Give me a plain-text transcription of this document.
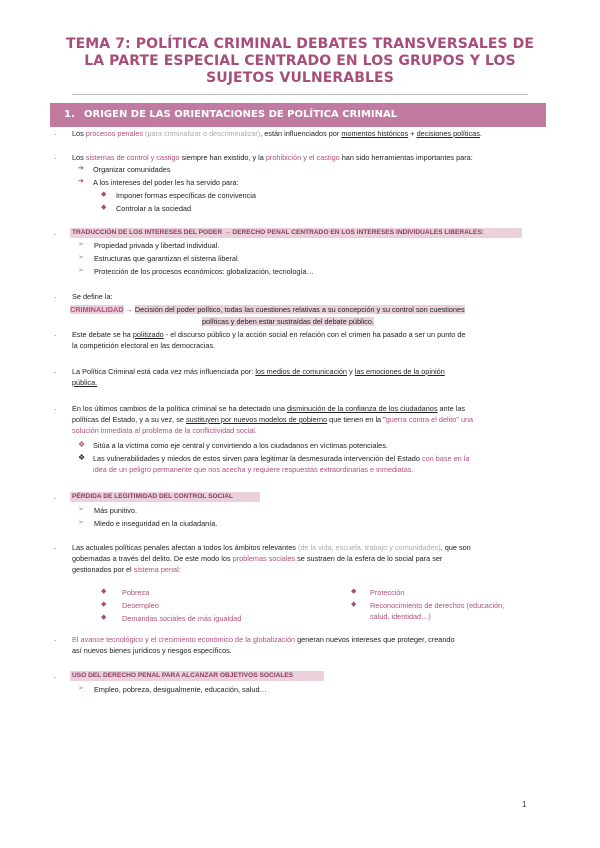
TEMA 7: POLÍTICA CRIMINAL DEBATES TRANSVERSALES DE
LA PARTE ESPECIAL CENTRADO EN LOS GRUPOS Y LOS
SUJETOS VULNERABLES
1. ORIGEN DE LAS ORIENTACIONES DE POLÍTICA CRIMINAL
. Los procesos penales (para criminalizar o descriminalizar), están influenciados por momentos históricos + decisiones políticas.
. Los sistemas de control y castigo siempre han existido, y la prohibición y el castigo han sido herramientas importantes para:
➜ Organizar comunidades
➜ A los intereses del poder les ha servido para:
◆ Imponer formas específicas de convivencia
◆ Controlar a la sociedad
. TRADUCCIÓN DE LOS INTERESES DEL PODER → DERECHO PENAL CENTRADO EN LOS INTERESES INDIVIDUALES LIBERALES:
➢ Propiedad privada y libertad individual.
➢ Estructuras que garantizan el sistema liberal.
➢ Protección de los procesos económicos: globalización, tecnología…
. Se define la:
CRIMINALIDAD → Decisión del poder político, todas las cuestiones relativas a su concepción y su control son cuestiones
políticas y deben estar sustraídas del debate público.
. Este debate se ha politizado - el discurso público y la acción social en relación con el crimen ha pasado a ser un punto de
la competición electoral en las democracias.
. La Política Criminal está cada vez más influenciada por: los medios de comunicación y las emociones de la opinión
pública.
. En los últimos cambios de la política criminal se ha detectado una disminución de la confianza de los ciudadanos ante las
políticas del Estado, y a su vez, se sustituyen por nuevos modelos de gobierno que tienen en la "guerra contra el delito" una
solución inmediata al problema de la conflictividad social.
❖ Sitúa a la víctima como eje central y convirtiendo a los ciudadanos en víctimas potenciales.
❖ Las vulnerabilidades y miedos de estos sirven para legitimar la desmesurada intervención del Estado con base en la
idea de un peligro permanente que nos acecha y requiere respuestas extraordinarias e inmediatas.
. PÉRDIDA DE LEGITIMIDAD DEL CONTROL SOCIAL
➢ Más punitivo.
➢ Miedo e inseguridad en la ciudadanía.
. Las actuales políticas penales afectan a todos los ámbitos relevantes (de la vida, escuela, trabajo y comunidades), que son
gobernadas a través del delito. De este modo los problemas sociales se sustraen de la esfera de lo social para ser
gestionados por el sistema penal:
◆ Pobreza
◆ Desempleo
◆ Demandas sociales de más igualdad
◆ Protección
◆ Reconocimiento de derechos (educación,
salud, identidad…)
. El avance tecnológico y el crecimiento económico de la globalización generan nuevos intereses que proteger, creando
así nuevos bienes jurídicos y riesgos específicos.
. USO DEL DERECHO PENAL PARA ALCANZAR OBJETIVOS SOCIALES
➢ Empleo, pobreza, desigualmente, educación, salud…
1
